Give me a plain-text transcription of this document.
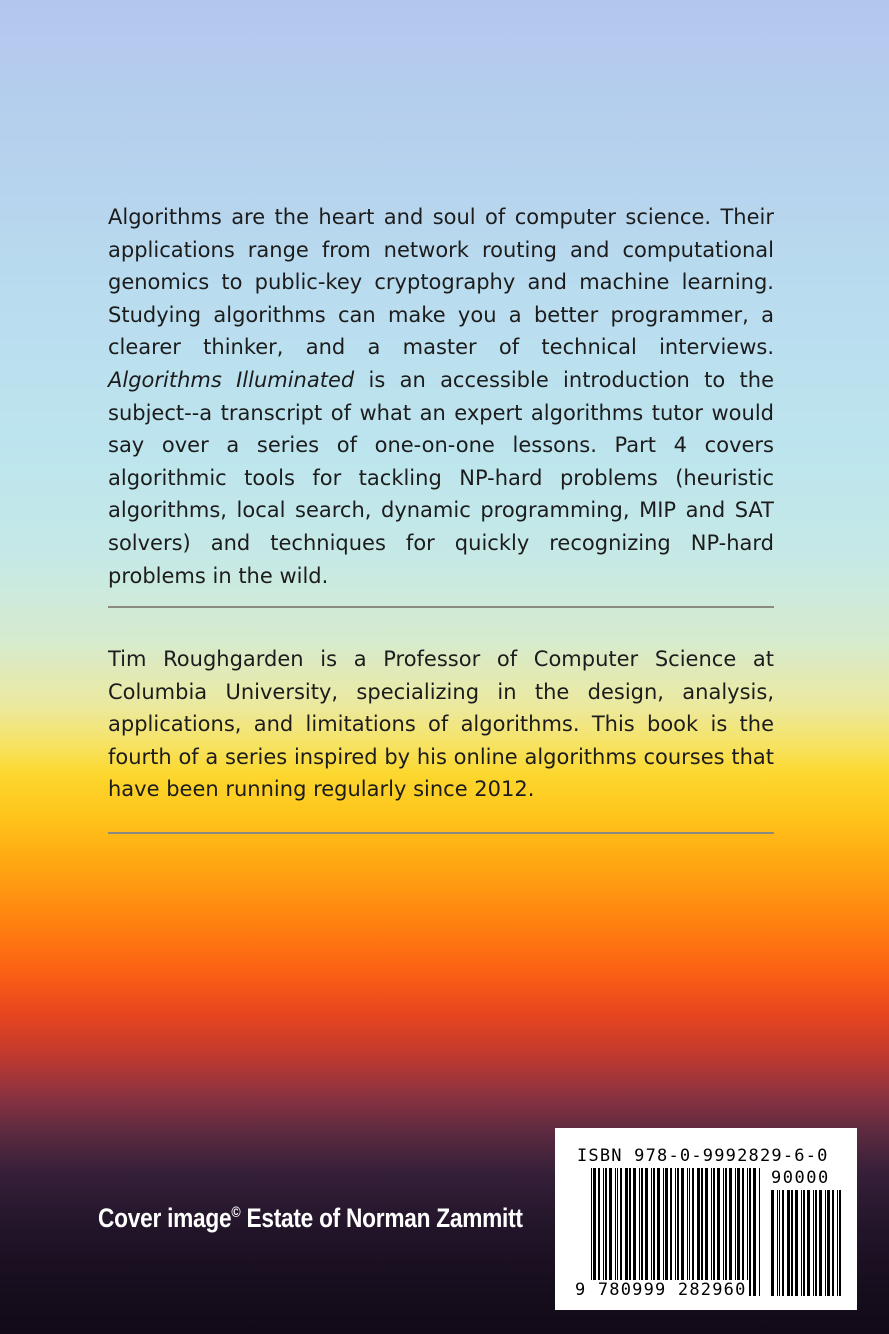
Algorithms are the heart and soul of computer science. Their applications range from network routing and computational genomics to public-key cryptography and machine learning. Studying algorithms can make you a better programmer, a clearer thinker, and a master of technical interviews. Algorithms Illuminated is an accessible introduction to the subject--a transcript of what an expert algorithms tutor would say over a series of one-on-one lessons. Part 4 covers algorithmic tools for tackling NP-hard problems (heuristic algorithms, local search, dynamic programming, MIP and SAT solvers) and techniques for quickly recognizing NP-hard problems in the wild.

Tim Roughgarden is a Professor of Computer Science at Columbia University, specializing in the design, analysis, applications, and limitations of algorithms. This book is the fourth of a series inspired by his online algorithms courses that have been running regularly since 2012.

Cover image© Estate of Norman Zammitt
ISBN 978-0-9992829-6-0
90000
9 780999 282960
